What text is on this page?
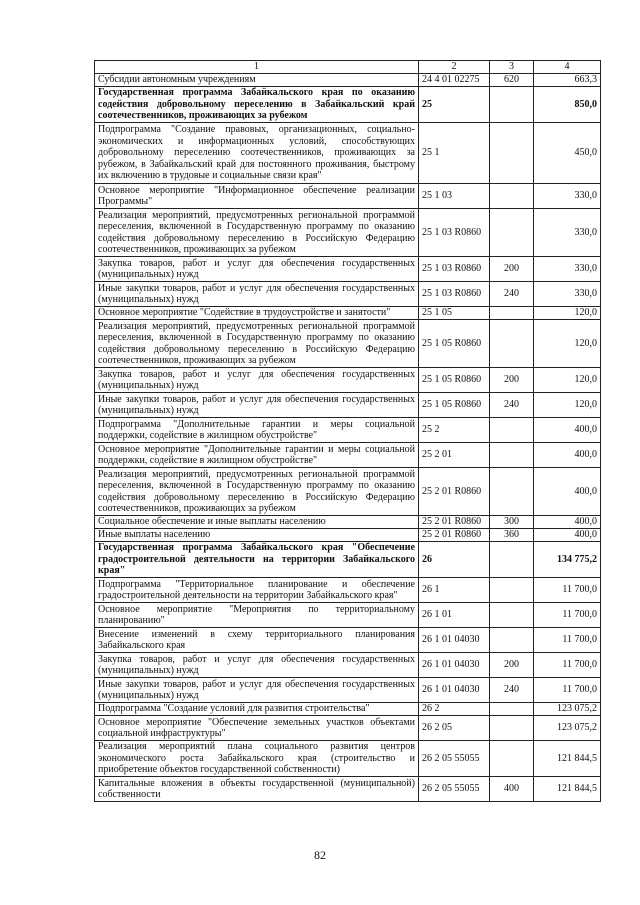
1	2	3	4
Субсидии автономным учреждениям	24 4 01 02275	620	663,3
Государственная программа Забайкальского края по оказанию содействия добровольному переселению в Забайкальский край соотечественников, проживающих за рубежом	25		850,0
Подпрограмма "Создание правовых, организационных, социально-экономических и информационных условий, способствующих добровольному переселению соотечественников, проживающих за рубежом, в Забайкальский край для постоянного проживания, быстрому их включению в трудовые и социальные связи края"	25 1		450,0
Основное мероприятие "Информационное обеспечение реализации Программы"	25 1 03		330,0
Реализация мероприятий, предусмотренных региональной программой переселения, включенной в Государственную программу по оказанию содействия добровольному переселению в Российскую Федерацию соотечественников, проживающих за рубежом	25 1 03 R0860		330,0
Закупка товаров, работ и услуг для обеспечения государственных (муниципальных) нужд	25 1 03 R0860	200	330,0
Иные закупки товаров, работ и услуг для обеспечения государственных (муниципальных) нужд	25 1 03 R0860	240	330,0
Основное мероприятие "Содействие в трудоустройстве и занятости"	25 1 05		120,0
Реализация мероприятий, предусмотренных региональной программой переселения, включенной в Государственную программу по оказанию содействия добровольному переселению в Российскую Федерацию соотечественников, проживающих за рубежом	25 1 05 R0860		120,0
Закупка товаров, работ и услуг для обеспечения государственных (муниципальных) нужд	25 1 05 R0860	200	120,0
Иные закупки товаров, работ и услуг для обеспечения государственных (муниципальных) нужд	25 1 05 R0860	240	120,0
Подпрограмма "Дополнительные гарантии и меры социальной поддержки, содействие в жилищном обустройстве"	25 2		400,0
Основное мероприятие "Дополнительные гарантии и меры социальной поддержки, содействие в жилищном обустройстве"	25 2 01		400,0
Реализация мероприятий, предусмотренных региональной программой переселения, включенной в Государственную программу по оказанию содействия добровольному переселению в Российскую Федерацию соотечественников, проживающих за рубежом	25 2 01 R0860		400,0
Социальное обеспечение и иные выплаты населению	25 2 01 R0860	300	400,0
Иные выплаты населению	25 2 01 R0860	360	400,0
Государственная программа Забайкальского края "Обеспечение градостроительной деятельности на территории Забайкальского края"	26		134 775,2
Подпрограмма "Территориальное планирование и обеспечение градостроительной деятельности на территории Забайкальского края"	26 1		11 700,0
Основное мероприятие "Мероприятия по территориальному планированию"	26 1 01		11 700,0
Внесение изменений в схему территориального планирования Забайкальского края	26 1 01 04030		11 700,0
Закупка товаров, работ и услуг для обеспечения государственных (муниципальных) нужд	26 1 01 04030	200	11 700,0
Иные закупки товаров, работ и услуг для обеспечения государственных (муниципальных) нужд	26 1 01 04030	240	11 700,0
Подпрограмма "Создание условий для развития строительства"	26 2		123 075,2
Основное мероприятие "Обеспечение земельных участков объектами социальной инфраструктуры"	26 2 05		123 075,2
Реализация мероприятий плана социального развития центров экономического роста Забайкальского края (строительство и приобретение объектов государственной собственности)	26 2 05 55055		121 844,5
Капитальные вложения в объекты государственной (муниципальной) собственности	26 2 05 55055	400	121 844,5
82
